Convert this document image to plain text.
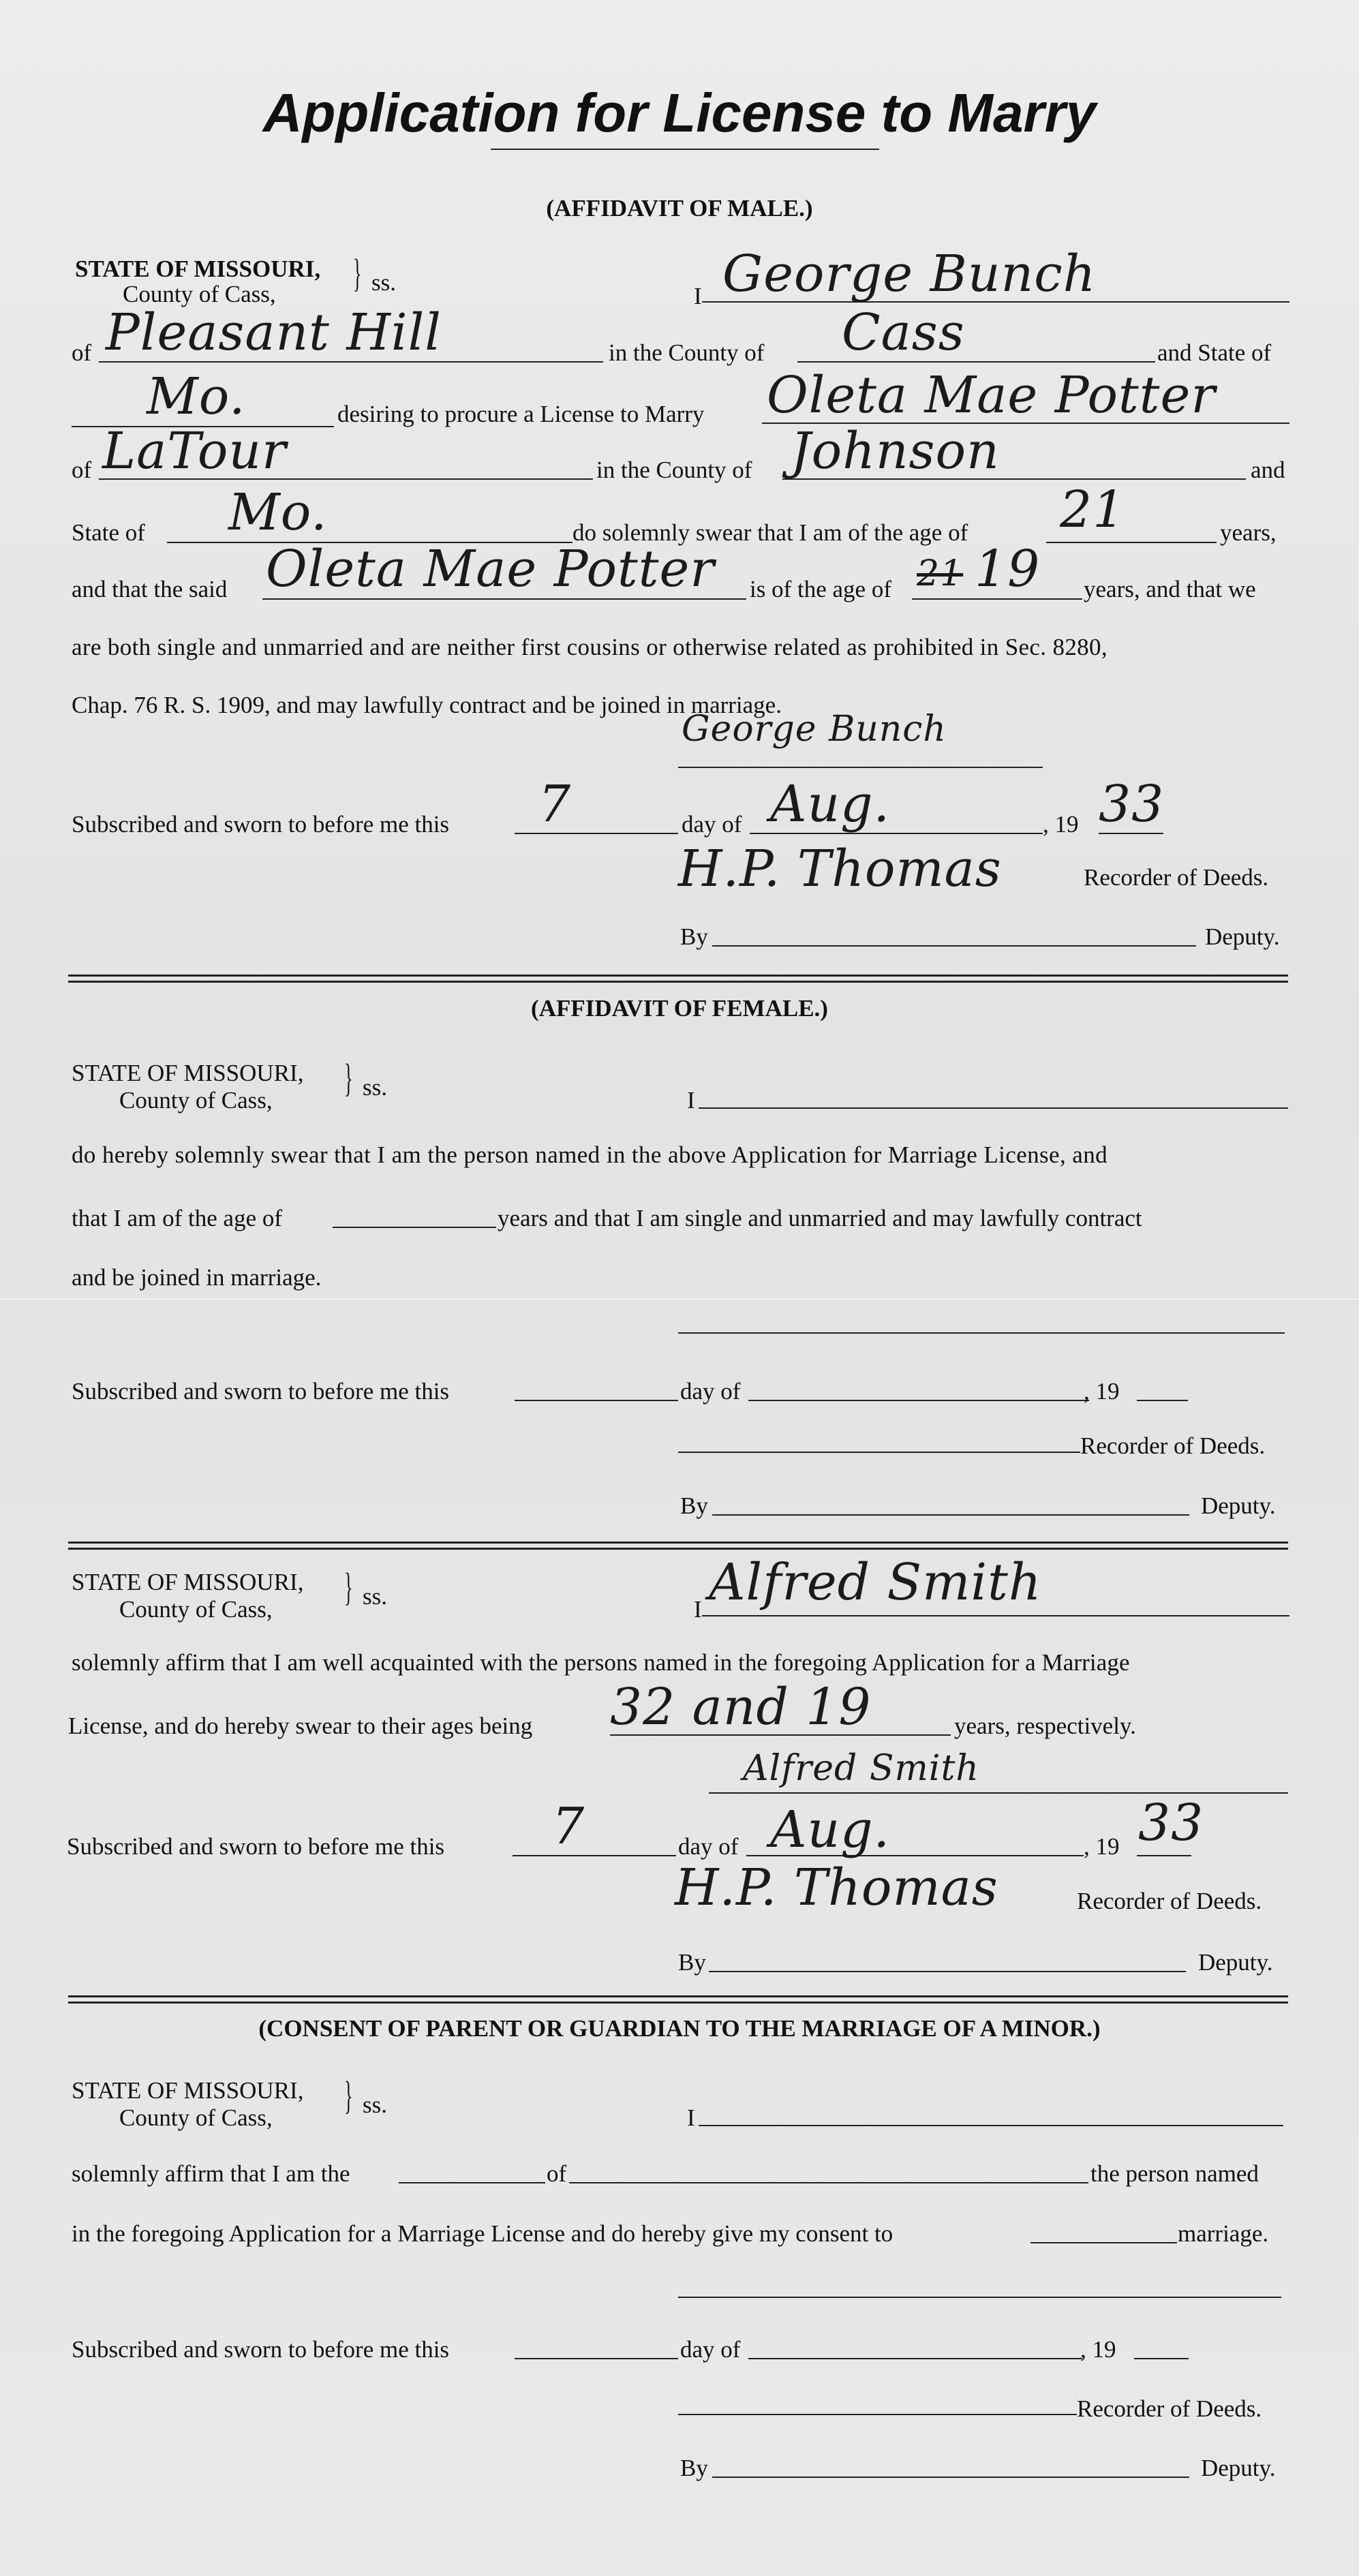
Application for License to Marry
(AFFIDAVIT OF MALE.)
STATE OF MISSOURI,
County of Cass, } ss.
I George Bunch
of Pleasant Hill	in the County of Cass	and State of
Mo.	desiring to procure a License to Marry Oleta Mae Potter
of LaTour	in the County of Johnson	and
State of Mo.	do solemnly swear that I am of the age of 21	years,
and that the said Oleta Mae Potter is of the age of 21 19 years, and that we
are both single and unmarried and are neither first cousins or otherwise related as prohibited in Sec. 8280,
Chap. 76 R. S. 1909, and may lawfully contract and be joined in marriage.
George Bunch
Subscribed and sworn to before me this 7	day of Aug.	, 19 33
H.P. Thomas	Recorder of Deeds.
By	Deputy.
(AFFIDAVIT OF FEMALE.)
STATE OF MISSOURI,
County of Cass,
} ss.	I
do hereby solemnly swear that I am the person named in the above Application for Marriage License, and
that I am of the age of	years and that I am single and unmarried and may lawfully contract
and be joined in marriage.
Subscribed and sworn to before me this	day of	, 19
Recorder of Deeds.
By	Deputy.
STATE OF MISSOURI,
County of Cass,
} ss.	I Alfred Smith
solemnly affirm that I am well acquainted with the persons named in the foregoing Application for a Marriage
License, and do hereby swear to their ages being 32 and 19	years, respectively.
Alfred Smith
Subscribed and sworn to before me this 7	day of Aug.	, 19 33
H.P. Thomas	Recorder of Deeds.
By	Deputy.
(CONSENT OF PARENT OR GUARDIAN TO THE MARRIAGE OF A MINOR.)
STATE OF MISSOURI,
County of Cass,
} ss.	I
solemnly affirm that I am the	of	the person named
in the foregoing Application for a Marriage License and do hereby give my consent to	marriage.
Subscribed and sworn to before me this	day of	, 19
Recorder of Deeds.
By	Deputy.
